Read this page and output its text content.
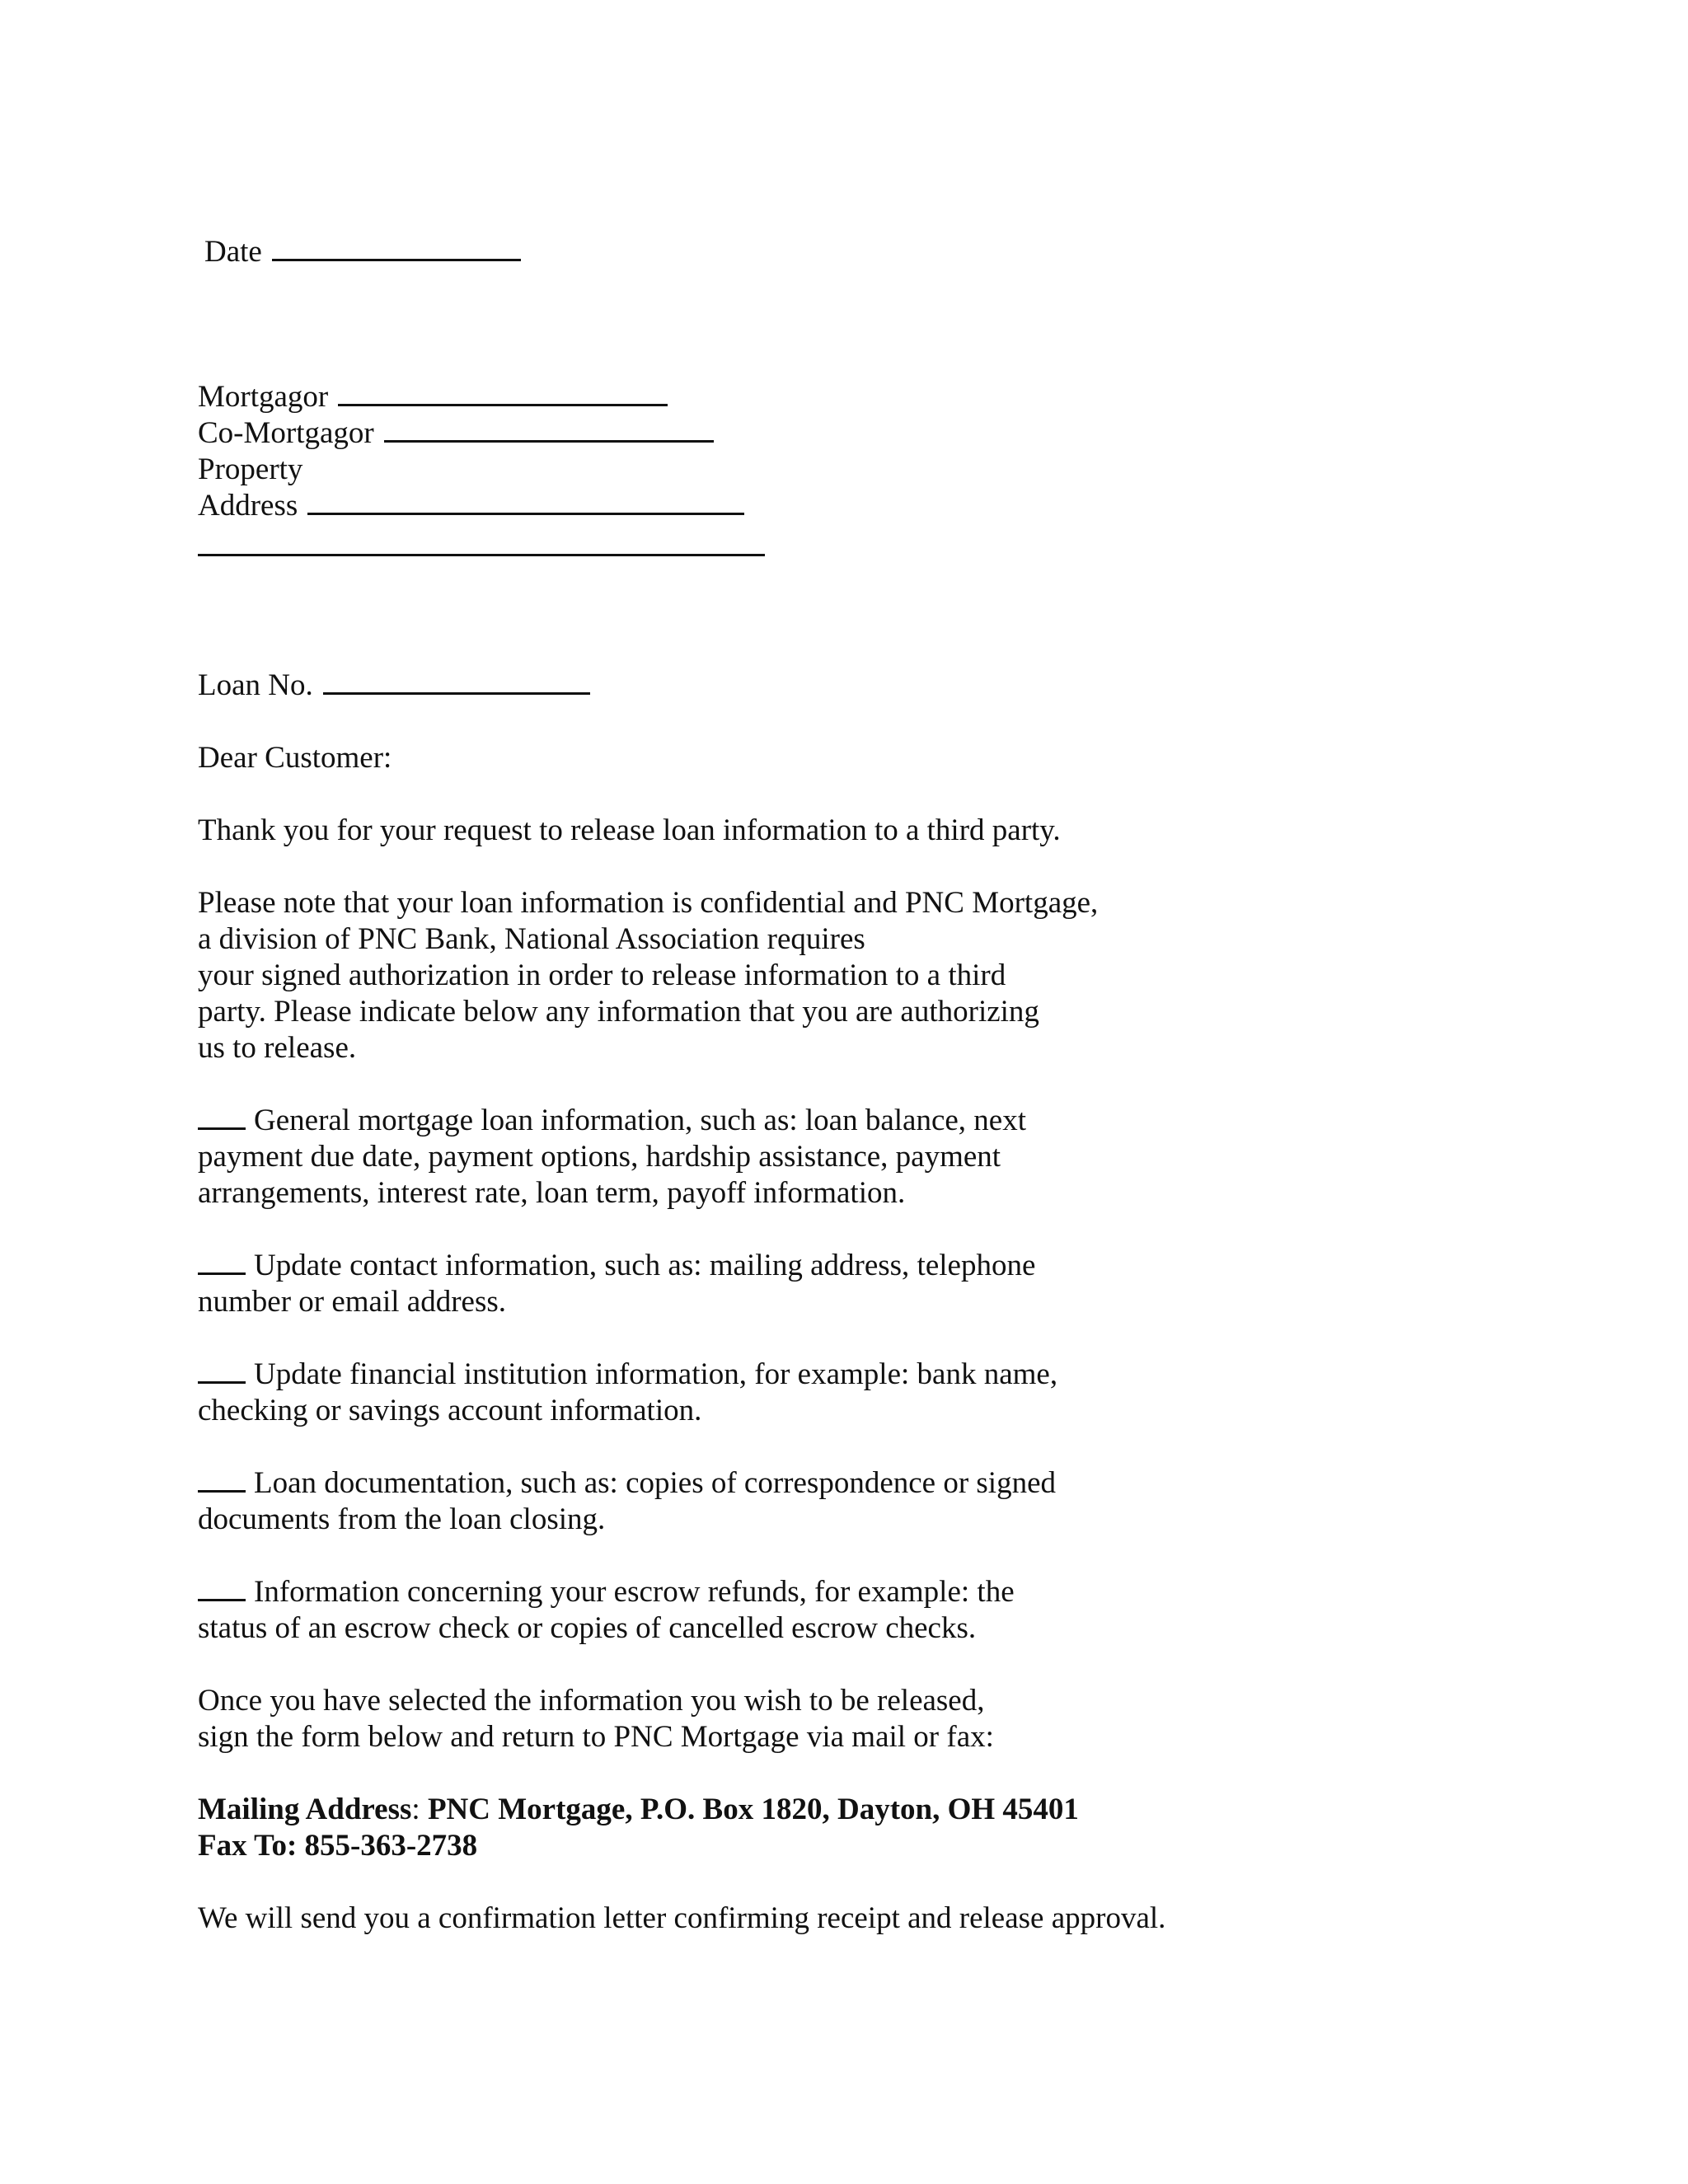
Date
Mortgagor
Co-Mortgagor
Property
Address
Loan No.
Dear Customer:
Thank you for your request to release loan information to a third party.
Please note that your loan information is confidential and PNC Mortgage,
a division of PNC Bank, National Association requires
your signed authorization in order to release information to a third
party. Please indicate below any information that you are authorizing
us to release.
General mortgage loan information, such as: loan balance, next
payment due date, payment options, hardship assistance, payment
arrangements, interest rate, loan term, payoff information.
Update contact information, such as: mailing address, telephone
number or email address.
Update financial institution information, for example: bank name,
checking or savings account information.
Loan documentation, such as: copies of correspondence or signed
documents from the loan closing.
Information concerning your escrow refunds, for example: the
status of an escrow check or copies of cancelled escrow checks.
Once you have selected the information you wish to be released,
sign the form below and return to PNC Mortgage via mail or fax:
Mailing Address: PNC Mortgage, P.O. Box 1820, Dayton, OH 45401
Fax To: 855-363-2738
We will send you a confirmation letter confirming receipt and release approval.
